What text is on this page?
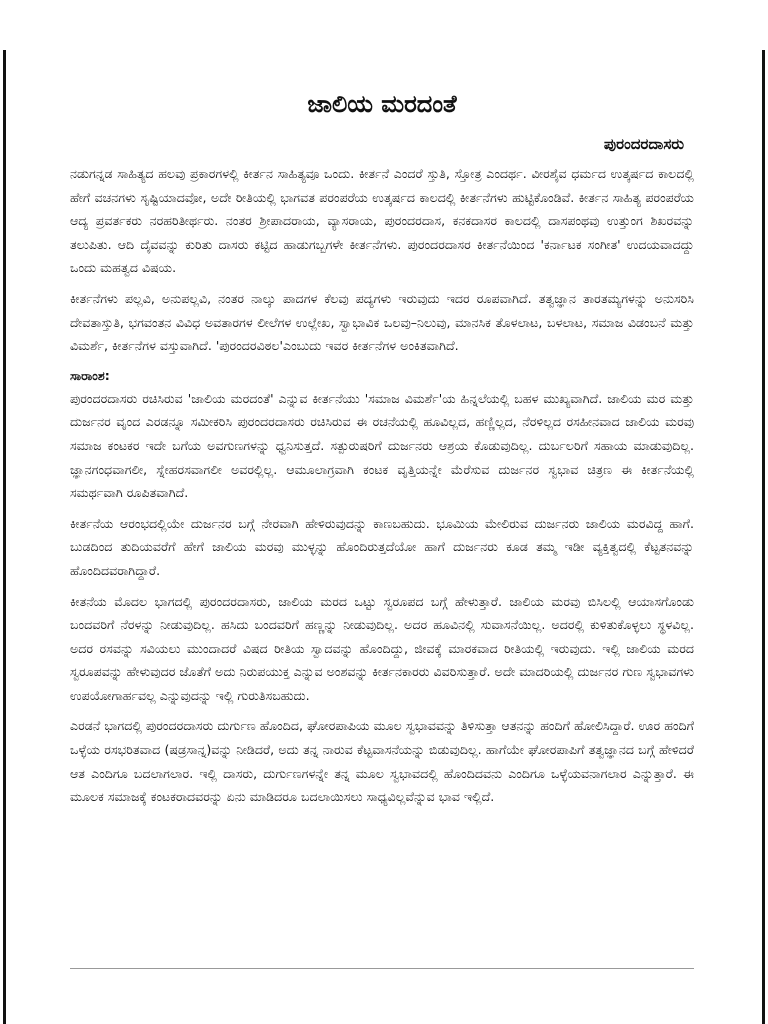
ಜಾಲಿಯ ಮರದಂತೆ
ಪುರಂದರದಾಸರು

ನಡುಗನ್ನಡ ಸಾಹಿತ್ಯದ ಹಲವು ಪ್ರಕಾರಗಳಲ್ಲಿ ಕೀರ್ತನ ಸಾಹಿತ್ಯವೂ ಒಂದು. ಕೀರ್ತನೆ ಎಂದರೆ ಸ್ತುತಿ, ಸ್ತೋತ್ರ ಎಂದರ್ಥ. ವೀರಶೈವ ಧರ್ಮದ ಉತ್ಕರ್ಷದ ಕಾಲದಲ್ಲಿ ಹೇಗೆ ವಚನಗಳು ಸೃಷ್ಟಿಯಾದವೋ, ಅದೇ ರೀತಿಯಲ್ಲಿ ಭಾಗವತ ಪರಂಪರೆಯ ಉತ್ಕರ್ಷದ ಕಾಲದಲ್ಲಿ ಕೀರ್ತನೆಗಳು ಹುಟ್ಟಿಕೊಂಡಿವೆ. ಕೀರ್ತನ ಸಾಹಿತ್ಯ ಪರಂಪರೆಯ ಆದ್ಯ ಪ್ರವರ್ತಕರು ನರಹರಿತೀರ್ಥರು. ನಂತರ ಶ್ರೀಪಾದರಾಯ, ವ್ಯಾಸರಾಯ, ಪುರಂದರದಾಸ, ಕನಕದಾಸರ ಕಾಲದಲ್ಲಿ ದಾಸಪಂಥವು ಉತ್ತುಂಗ ಶಿಖರವನ್ನು ತಲುಪಿತು. ಆದಿ ದೈವವನ್ನು ಕುರಿತು ದಾಸರು ಕಟ್ಟಿದ ಹಾಡುಗಬ್ಬಗಳೇ ಕೀರ್ತನೆಗಳು. ಪುರಂದರದಾಸರ ಕೀರ್ತನೆಯಿಂದ 'ಕರ್ನಾಟಕ ಸಂಗೀತ' ಉದಯವಾದದ್ದು ಒಂದು ಮಹತ್ವದ ವಿಷಯ.

ಕೀರ್ತನೆಗಳು ಪಲ್ಲವಿ, ಅನುಪಲ್ಲವಿ, ನಂತರ ನಾಲ್ಕು ಪಾದಗಳ ಕೆಲವು ಪದ್ಯಗಳು ಇರುವುದು ಇದರ ರೂಪವಾಗಿದೆ. ತತ್ವಜ್ಞಾನ ತಾರತಮ್ಯಗಳನ್ನು ಅನುಸರಿಸಿ ದೇವತಾಸ್ತುತಿ, ಭಗವಂತನ ವಿವಿಧ ಅವತಾರಗಳ ಲೀಲೆಗಳ ಉಲ್ಲೇಖ, ಸ್ವಾಭಾವಿಕ ಒಲವು–ನಿಲುವು, ಮಾನಸಿಕ ತೊಳಲಾಟ, ಬಳಲಾಟ, ಸಮಾಜ ವಿಡಂಬನೆ ಮತ್ತು ವಿಮರ್ಶೆ, ಕೀರ್ತನೆಗಳ ವಸ್ತುವಾಗಿದೆ. 'ಪುರಂದರವಿಠಲ'ಎಂಬುದು ಇವರ ಕೀರ್ತನೆಗಳ ಅಂಕಿತವಾಗಿದೆ.

ಸಾರಾಂಶ:

ಪುರಂದರದಾಸರು ರಚಿಸಿರುವ 'ಜಾಲಿಯ ಮರದಂತೆ' ಎನ್ನುವ ಕೀರ್ತನೆಯು 'ಸಮಾಜ ವಿಮರ್ಶೆ'ಯ ಹಿನ್ನಲೆಯಲ್ಲಿ ಬಹಳ ಮುಖ್ಯವಾಗಿದೆ. ಜಾಲಿಯ ಮರ ಮತ್ತು ದುರ್ಜನರ ವೃಂದ ಎರಡನ್ನೂ ಸಮೀಕರಿಸಿ ಪುರಂದರದಾಸರು ರಚಿಸಿರುವ ಈ ರಚನೆಯಲ್ಲಿ ಹೂವಿಲ್ಲದ, ಹಣ್ಣಿಲ್ಲದ, ನೆರಳಿಲ್ಲದ ರಸಹೀನವಾದ ಜಾಲಿಯ ಮರವು ಸಮಾಜ ಕಂಟಕರ ಇದೇ ಬಗೆಯ ಅವಗುಣಗಳನ್ನು ಧ್ವನಿಸುತ್ತದೆ. ಸತ್ಪುರುಷರಿಗೆ ದುರ್ಜನರು ಆಶ್ರಯ ಕೊಡುವುದಿಲ್ಲ. ದುರ್ಬಲರಿಗೆ ಸಹಾಯ ಮಾಡುವುದಿಲ್ಲ. ಜ್ಞಾನಗಂಧವಾಗಲೀ, ಸ್ನೇಹರಸವಾಗಲೀ ಅವರಲ್ಲಿಲ್ಲ. ಆಮೂಲಾಗ್ರವಾಗಿ ಕಂಟಕ ವೃತ್ತಿಯನ್ನೇ ಮೆರೆಸುವ ದುರ್ಜನರ ಸ್ವಭಾವ ಚಿತ್ರಣ ಈ ಕೀರ್ತನೆಯಲ್ಲಿ ಸಮರ್ಥವಾಗಿ ರೂಪಿತವಾಗಿದೆ.

ಕೀರ್ತನೆಯ ಆರಂಭದಲ್ಲಿಯೇ ದುರ್ಜನರ ಬಗ್ಗೆ ನೇರವಾಗಿ ಹೇಳಿರುವುದನ್ನು ಕಾಣಬಹುದು. ಭೂಮಿಯ ಮೇಲಿರುವ ದುರ್ಜನರು ಜಾಲಿಯ ಮರವಿದ್ದ ಹಾಗೆ. ಬುಡದಿಂದ ತುದಿಯವರೆಗೆ ಹೇಗೆ ಜಾಲಿಯ ಮರವು ಮುಳ್ಳನ್ನು ಹೊಂದಿರುತ್ತದೆಯೋ ಹಾಗೆ ದುರ್ಜನರು ಕೂಡ ತಮ್ಮ ಇಡೀ ವ್ಯಕ್ತಿತ್ವದಲ್ಲಿ ಕೆಟ್ಟತನವನ್ನು ಹೊಂದಿದವರಾಗಿದ್ದಾರೆ.

ಕೀತನೆಯ ಮೊದಲ ಭಾಗದಲ್ಲಿ ಪುರಂದರದಾಸರು, ಜಾಲಿಯ ಮರದ ಒಟ್ಟು ಸ್ವರೂಪದ ಬಗ್ಗೆ ಹೇಳುತ್ತಾರೆ. ಜಾಲಿಯ ಮರವು ಬಿಸಿಲಲ್ಲಿ ಆಯಾಸಗೊಂಡು ಬಂದವರಿಗೆ ನೆರಳನ್ನು ನೀಡುವುದಿಲ್ಲ. ಹಸಿದು ಬಂದವರಿಗೆ ಹಣ್ಣನ್ನು ನೀಡುವುದಿಲ್ಲ. ಅದರ ಹೂವಿನಲ್ಲಿ ಸುವಾಸನೆಯಿಲ್ಲ. ಅದರಲ್ಲಿ ಕುಳಿತುಕೊಳ್ಳಲು ಸ್ಥಳವಿಲ್ಲ. ಅದರ ರಸವನ್ನು ಸವಿಯಲು ಮುಂದಾದರೆ ವಿಷದ ರೀತಿಯ ಸ್ವಾದವನ್ನು ಹೊಂದಿದ್ದು, ಜೀವಕ್ಕೆ ಮಾರಕವಾದ ರೀತಿಯಲ್ಲಿ ಇರುವುದು. ಇಲ್ಲಿ ಜಾಲಿಯ ಮರದ ಸ್ವರೂಪವನ್ನು ಹೇಳುವುದರ ಜೊತೆಗೆ ಅದು ನಿರುಪಯುಕ್ತ ಎನ್ನುವ ಅಂಶವನ್ನು ಕೀರ್ತನಕಾರರು ವಿವರಿಸುತ್ತಾರೆ. ಅದೇ ಮಾದರಿಯಲ್ಲಿ ದುರ್ಜನರ ಗುಣ ಸ್ವಭಾವಗಳು ಉಪಯೋಗಾರ್ಹವಲ್ಲ ಎನ್ನುವುದನ್ನು ಇಲ್ಲಿ ಗುರುತಿಸಬಹುದು.

ಎರಡನೆ ಭಾಗದಲ್ಲಿ ಪುರಂದರದಾಸರು ದುರ್ಗುಣ ಹೊಂದಿದ, ಘೋರಪಾಪಿಯ ಮೂಲ ಸ್ವಭಾವವನ್ನು ತಿಳಿಸುತ್ತಾ ಆತನನ್ನು ಹಂದಿಗೆ ಹೋಲಿಸಿದ್ದಾರೆ. ಊರ ಹಂದಿಗೆ ಒಳ್ಳೆಯ ರಸಭರಿತವಾದ (ಷಡ್ರಸಾನ್ನ)ವನ್ನು ನೀಡಿದರೆ, ಅದು ತನ್ನ ನಾರುವ ಕೆಟ್ಟವಾಸನೆಯನ್ನು ಬಿಡುವುದಿಲ್ಲ. ಹಾಗೆಯೇ ಘೋರಪಾಪಿಗೆ ತತ್ವಜ್ಞಾನದ ಬಗ್ಗೆ ಹೇಳಿದರೆ ಆತ ಎಂದಿಗೂ ಬದಲಾಗಲಾರ. ಇಲ್ಲಿ ದಾಸರು, ದುರ್ಗುಣಗಳನ್ನೇ ತನ್ನ ಮೂಲ ಸ್ವಭಾವದಲ್ಲಿ ಹೊಂದಿದವನು ಎಂದಿಗೂ ಒಳ್ಳೆಯವನಾಗಲಾರ ಎನ್ನುತ್ತಾರೆ. ಈ ಮೂಲಕ ಸಮಾಜಕ್ಕೆ ಕಂಟಕರಾದವರನ್ನು ಏನು ಮಾಡಿದರೂ ಬದಲಾಯಿಸಲು ಸಾಧ್ಯವಿಲ್ಲವೆನ್ನುವ ಭಾವ ಇಲ್ಲಿದೆ.
